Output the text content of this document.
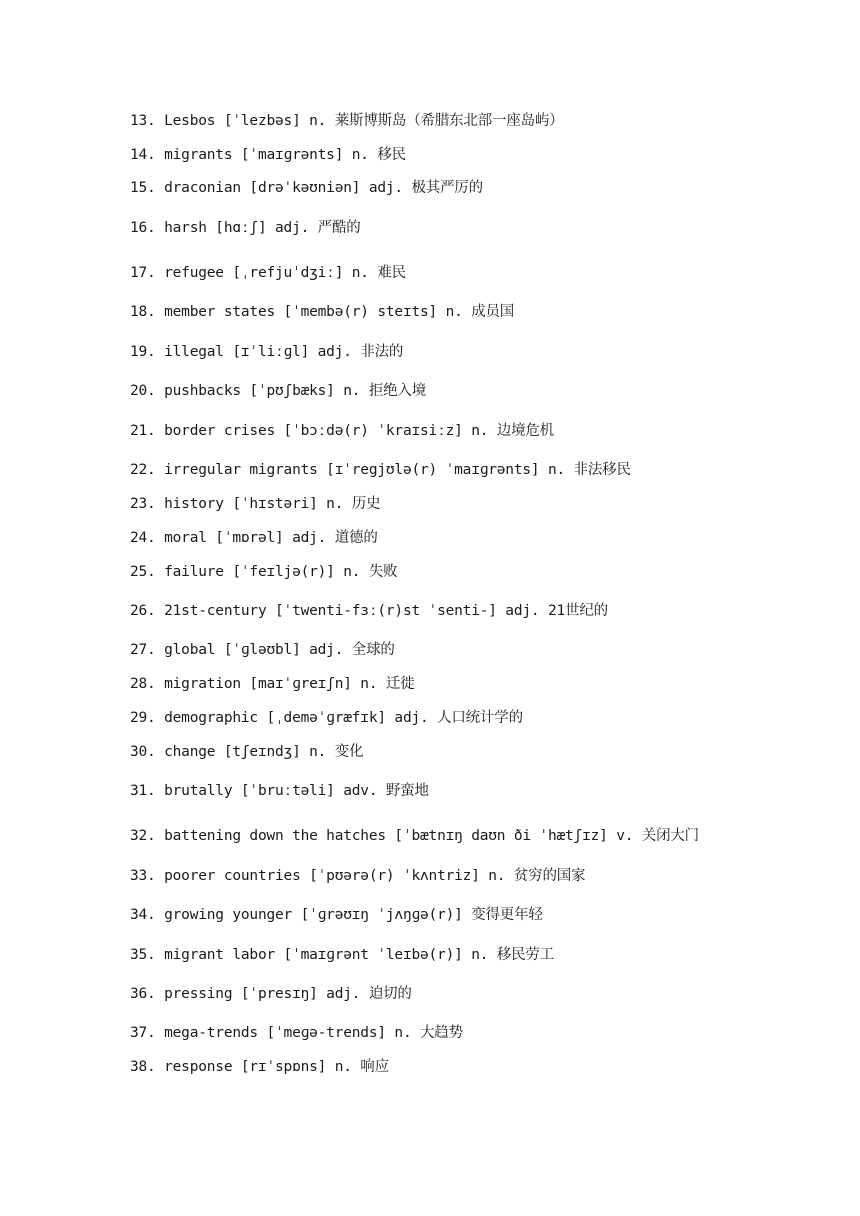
13. Lesbos [ˈlezbəs] n. 莱斯博斯岛（希腊东北部一座岛屿）
14. migrants [ˈmaɪɡrənts] n. 移民
15. draconian [drəˈkəʊniən] adj. 极其严厉的
16. harsh [hɑːʃ] adj. 严酷的
17. refugee [ˌrefjuˈdʒiː] n. 难民
18. member states [ˈmembə(r) steɪts] n. 成员国
19. illegal [ɪˈliːɡl] adj. 非法的
20. pushbacks [ˈpʊʃbæks] n. 拒绝入境
21. border crises [ˈbɔːdə(r) ˈkraɪsiːz] n. 边境危机
22. irregular migrants [ɪˈregjʊlə(r) ˈmaɪɡrənts] n. 非法移民
23. history [ˈhɪstəri] n. 历史
24. moral [ˈmɒrəl] adj. 道德的
25. failure [ˈfeɪljə(r)] n. 失败
26. 21st-century [ˈtwenti-fɜː(r)st ˈsenti-] adj. 21世纪的
27. global [ˈɡləʊbl] adj. 全球的
28. migration [maɪˈɡreɪʃn] n. 迁徙
29. demographic [ˌdeməˈɡræfɪk] adj. 人口统计学的
30. change [tʃeɪndʒ] n. 变化
31. brutally [ˈbruːtəli] adv. 野蛮地
32. battening down the hatches [ˈbætnɪŋ daʊn ði ˈhætʃɪz] v. 关闭大门
33. poorer countries [ˈpʊərə(r) ˈkʌntriz] n. 贫穷的国家
34. growing younger [ˈɡrəʊɪŋ ˈjʌŋɡə(r)] 变得更年轻
35. migrant labor [ˈmaɪɡrənt ˈleɪbə(r)] n. 移民劳工
36. pressing [ˈpresɪŋ] adj. 迫切的
37. mega-trends [ˈmeɡə-trends] n. 大趋势
38. response [rɪˈspɒns] n. 响应
